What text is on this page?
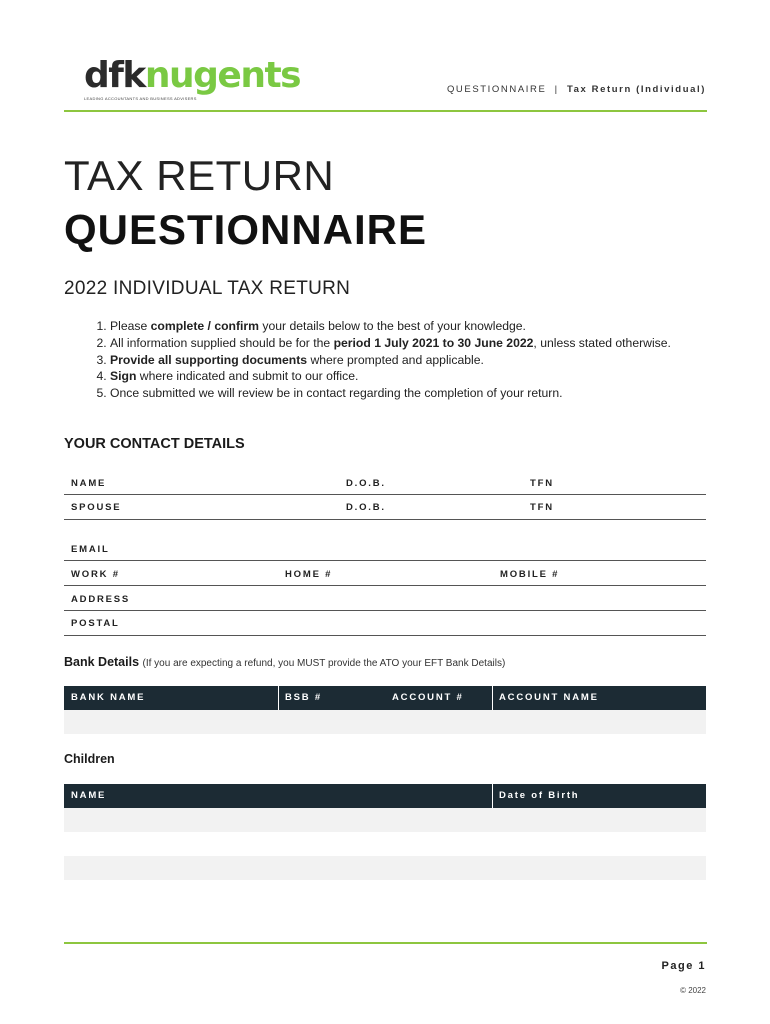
dfknugents
LEADING ACCOUNTANTS AND BUSINESS ADVISERS
QUESTIONNAIRE | Tax Return (Individual)
TAX RETURN
QUESTIONNAIRE
2022 INDIVIDUAL TAX RETURN
1. Please complete / confirm your details below to the best of your knowledge.
2. All information supplied should be for the period 1 July 2021 to 30 June 2022, unless stated otherwise.
3. Provide all supporting documents where prompted and applicable.
4. Sign where indicated and submit to our office.
5. Once submitted we will review be in contact regarding the completion of your return.
YOUR CONTACT DETAILS
NAME	D.O.B.	TFN
SPOUSE	D.O.B.	TFN
EMAIL
WORK #	HOME #	MOBILE #
ADDRESS
POSTAL
Bank Details (If you are expecting a refund, you MUST provide the ATO your EFT Bank Details)
BANK NAME	BSB #	ACCOUNT #	ACCOUNT NAME
Children
NAME	Date of Birth
Page 1
© 2022
